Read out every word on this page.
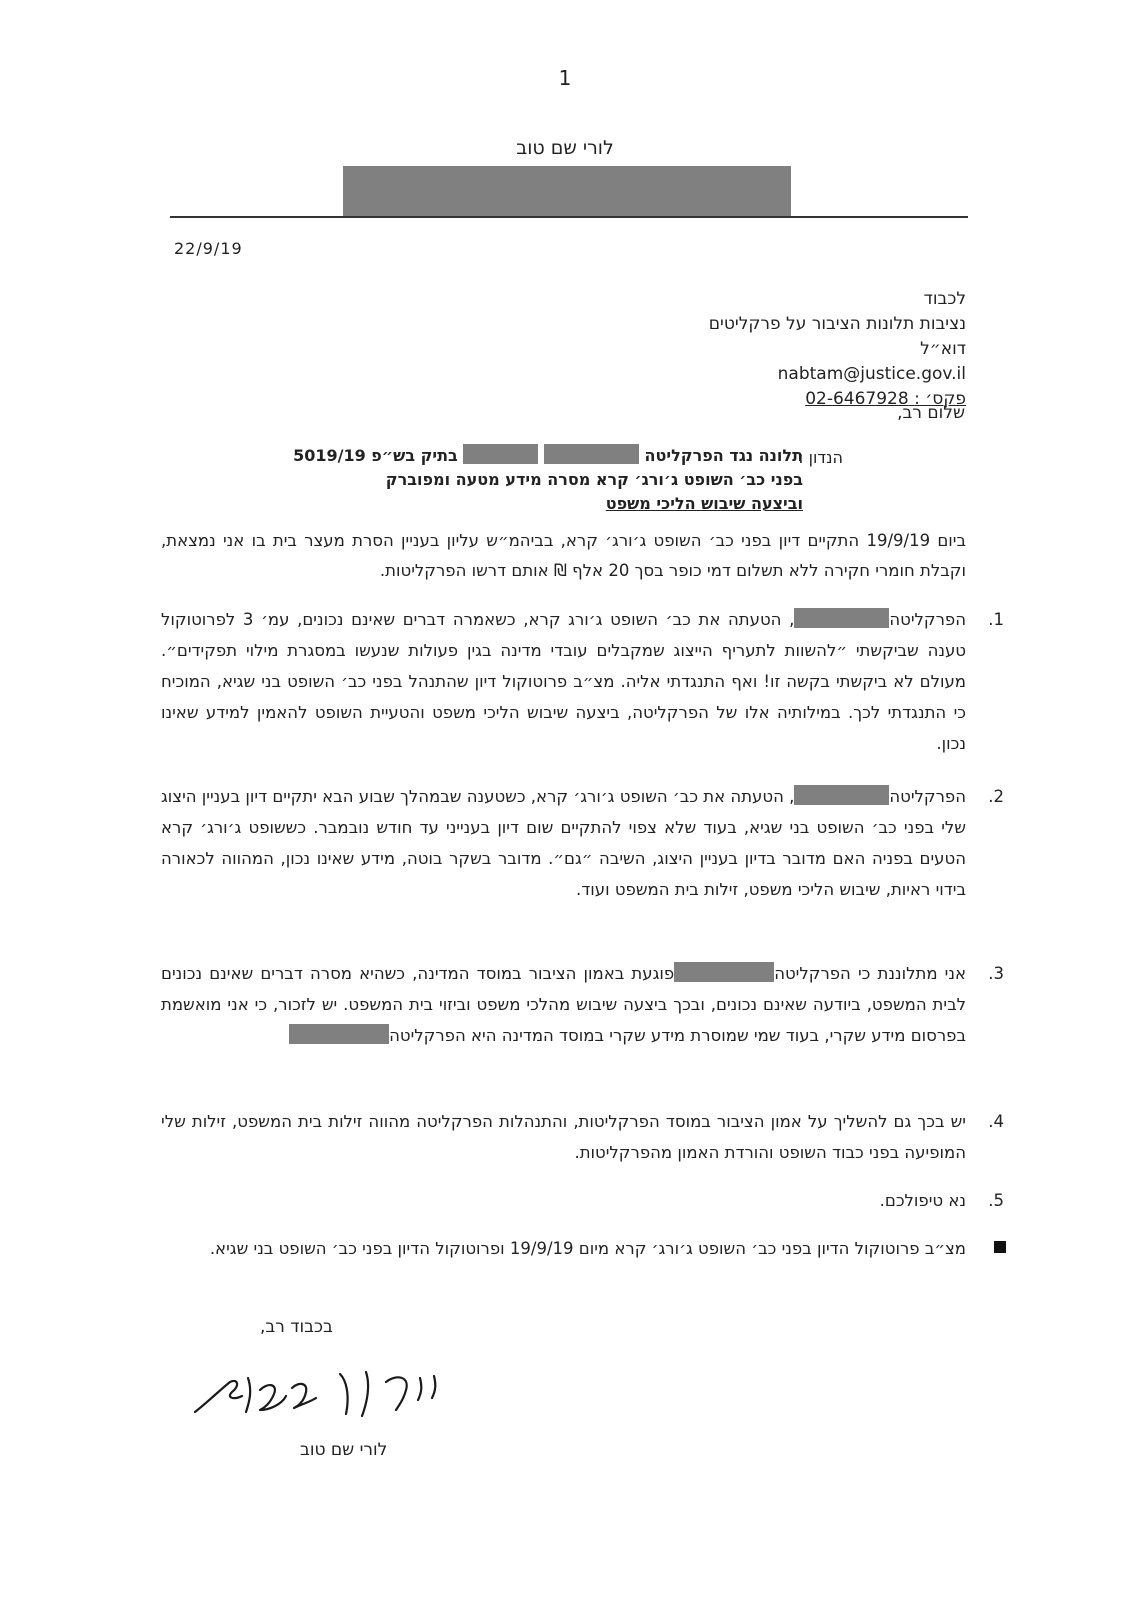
1
לורי שם טוב
22/9/19
לכבוד
נציבות תלונות הציבור על פרקליטים
דוא״ל
nabtam@justice.gov.il
פקס׳ : 02-6467928
שלום רב,
הנדון :
תלונה נגד הפרקליטה   בתיק בש״פ 5019/19
בפני כב׳ השופט ג׳ורג׳ קרא מסרה מידע מטעה ומפוברק
וביצעה שיבוש הליכי משפט
ביום 19/9/19 התקיים דיון בפני כב׳ השופט ג׳ורג׳ קרא, בביהמ״ש עליון בעניין הסרת מעצר בית בו אני נמצאת, וקבלת חומרי חקירה ללא תשלום דמי כופר בסך 20 אלף ₪ אותם דרשו הפרקליטות.
1.

הפרקליטה, הטעתה את כב׳ השופט ג׳ורג קרא, כשאמרה דברים שאינם נכונים, עמ׳ 3 לפרוטוקול טענה שביקשתי ״להשוות לתעריף הייצוג שמקבלים עובדי מדינה בגין פעולות שנעשו במסגרת מילוי תפקידים״. מעולם לא ביקשתי בקשה זו! ואף התנגדתי אליה. מצ״ב פרוטוקול דיון שהתנהל בפני כב׳ השופט בני שגיא, המוכיח כי התנגדתי לכך. במילותיה אלו של הפרקליטה, ביצעה שיבוש הליכי משפט והטעיית השופט להאמין למידע שאינו נכון.

2.

הפרקליטה, הטעתה את כב׳ השופט ג׳ורג׳ קרא, כשטענה שבמהלך שבוע הבא יתקיים דיון בעניין היצוג שלי בפני כב׳ השופט בני שגיא, בעוד שלא צפוי להתקיים שום דיון בענייני עד חודש נובמבר. כששופט ג׳ורג׳ קרא הטעים בפניה האם מדובר בדיון בעניין היצוג, השיבה ״גם״. מדובר בשקר בוטה, מידע שאינו נכון, המהווה לכאורה בידוי ראיות, שיבוש הליכי משפט, זילות בית המשפט ועוד.

3.

אני מתלוננת כי הפרקליטהפוגעת באמון הציבור במוסד המדינה, כשהיא מסרה דברים שאינם נכונים לבית המשפט, ביודעה שאינם נכונים, ובכך ביצעה שיבוש מהלכי משפט וביזוי בית המשפט. יש לזכור, כי אני מואשמת בפרסום מידע שקרי, בעוד שמי שמוסרת מידע שקרי במוסד המדינה היא הפרקליטה

4.

יש בכך גם להשליך על אמון הציבור במוסד הפרקליטות, והתנהלות הפרקליטה מהווה זילות בית המשפט, זילות שלי המופיעה בפני כבוד השופט והורדת האמון מהפרקליטות.

5.

נא טיפולכם.

מצ״ב פרוטוקול הדיון בפני כב׳ השופט ג׳ורג׳ קרא מיום 19/9/19 ופרוטוקול הדיון בפני כב׳ השופט בני שגיא.
בכבוד רב,
לורי שם טוב
